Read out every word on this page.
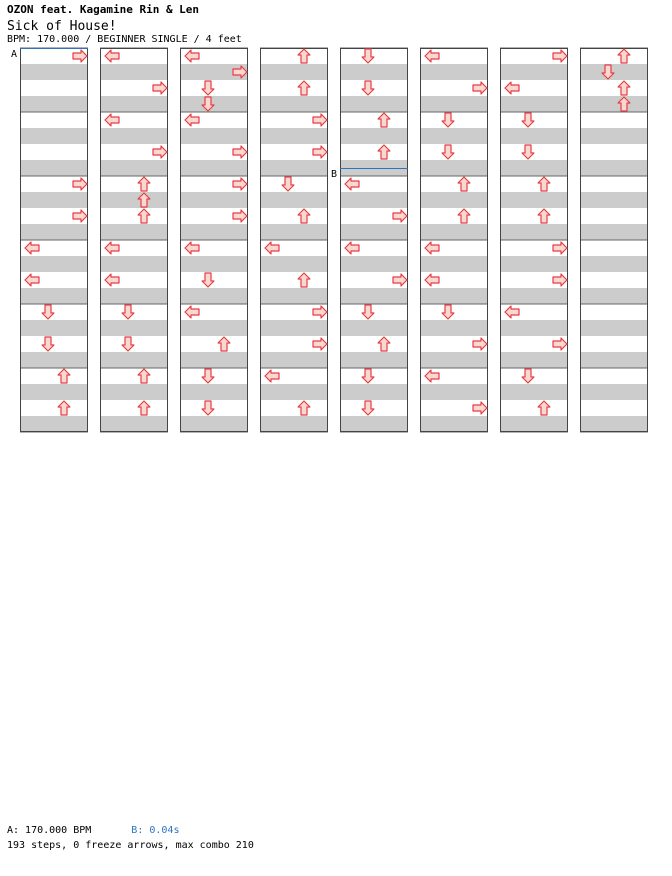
OZON feat. Kagamine Rin & Len
Sick of House!
BPM: 170.000 / BEGINNER SINGLE / 4 feet
A
B
A: 170.000 BPM	B: 0.04s
193 steps, 0 freeze arrows, max combo 210
